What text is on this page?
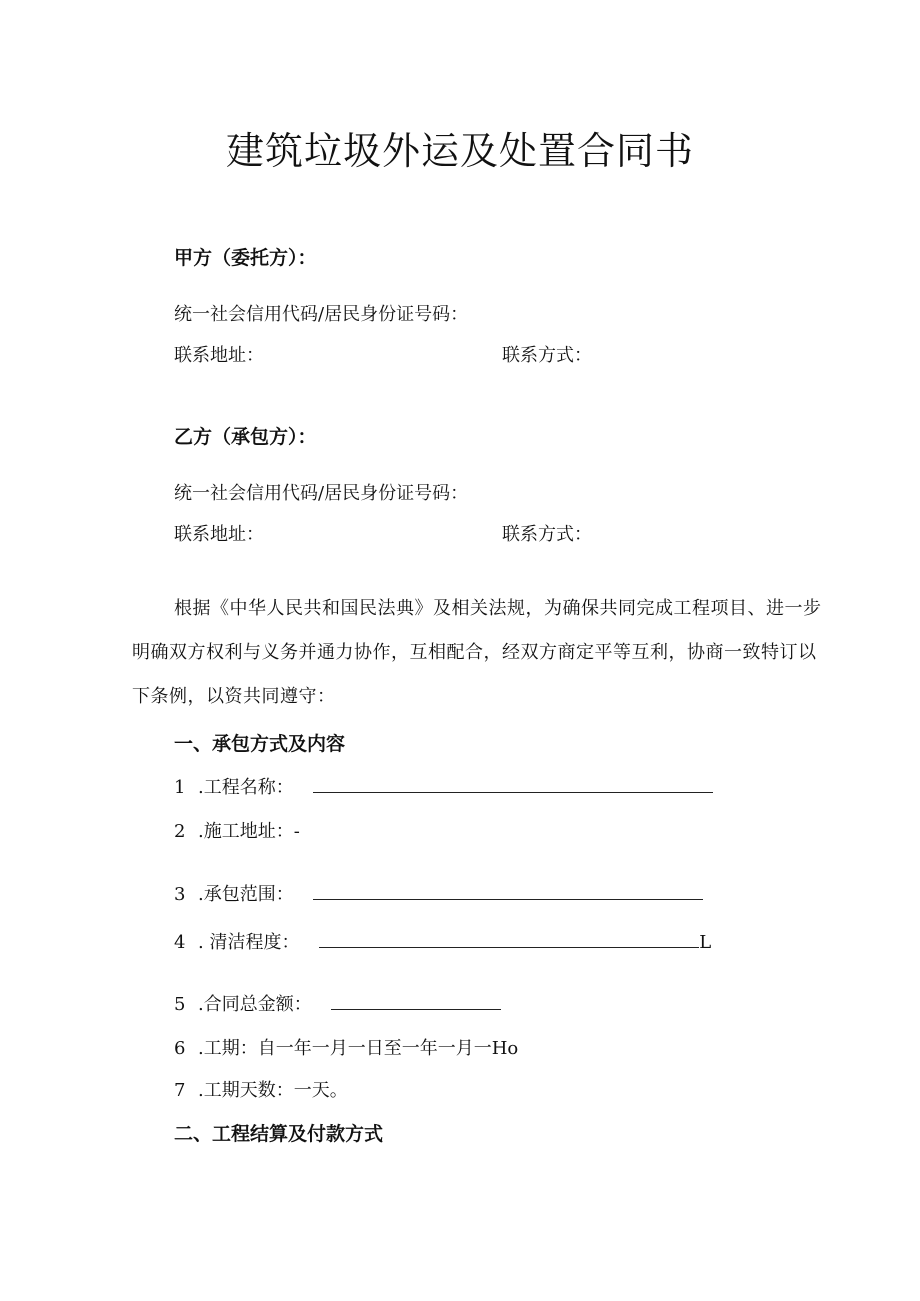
建筑垃圾外运及处置合同书
甲方（委托方）：
统一社会信用代码/居民身份证号码：
联系地址：	联系方式：
乙方（承包方）：
统一社会信用代码/居民身份证号码：
联系地址：	联系方式：
根据《中华人民共和国民法典》及相关法规，为确保共同完成工程项目、进一步明确双方权利与义务并通力协作，互相配合，经双方商定平等互利，协商一致特订以下条例，以资共同遵守：
一、承包方式及内容
1 .工程名称：
2 .施工地址：-
3 .承包范围：
4 . 清洁程度：	L
5 .合同总金额：
6 .工期：自一年一月一日至一年一月一Ho
7 .工期天数：一天。
二、工程结算及付款方式
